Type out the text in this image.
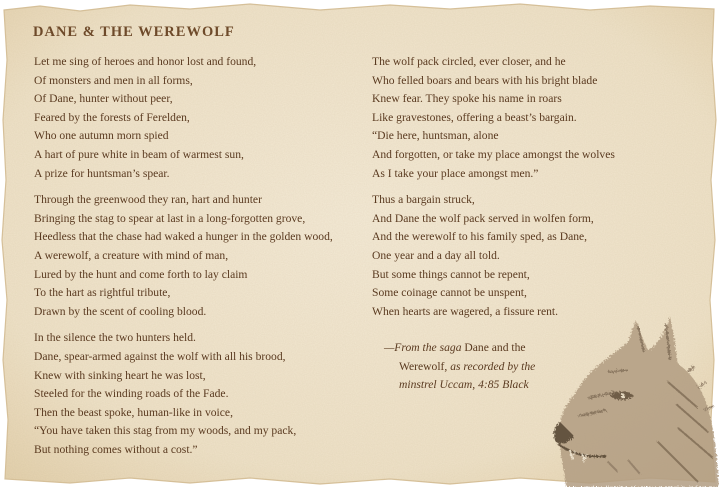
DANE & THE WEREWOLF

Let me sing of heroes and honor lost and found,
Of monsters and men in all forms,
Of Dane, hunter without peer,
Feared by the forests of Ferelden,
Who one autumn morn spied
A hart of pure white in beam of warmest sun,
A prize for huntsman’s spear.

Through the greenwood they ran, hart and hunter
Bringing the stag to spear at last in a long-forgotten grove,
Heedless that the chase had waked a hunger in the golden wood,
A werewolf, a creature with mind of man,
Lured by the hunt and come forth to lay claim
To the hart as rightful tribute,
Drawn by the scent of cooling blood.

In the silence the two hunters held.
Dane, spear-armed against the wolf with all his brood,
Knew with sinking heart he was lost,
Steeled for the winding roads of the Fade.
Then the beast spoke, human-like in voice,
“You have taken this stag from my woods, and my pack,
But nothing comes without a cost.”

The wolf pack circled, ever closer, and he
Who felled boars and bears with his bright blade
Knew fear. They spoke his name in roars
Like gravestones, offering a beast’s bargain.
“Die here, huntsman, alone
And forgotten, or take my place amongst the wolves
As I take your place amongst men.”

Thus a bargain struck,
And Dane the wolf pack served in wolfen form,
And the werewolf to his family sped, as Dane,
One year and a day all told.
But some things cannot be repent,
Some coinage cannot be unspent,
When hearts are wagered, a fissure rent.

—From the saga Dane and the
Werewolf, as recorded by the
minstrel Uccam, 4:85 Black
